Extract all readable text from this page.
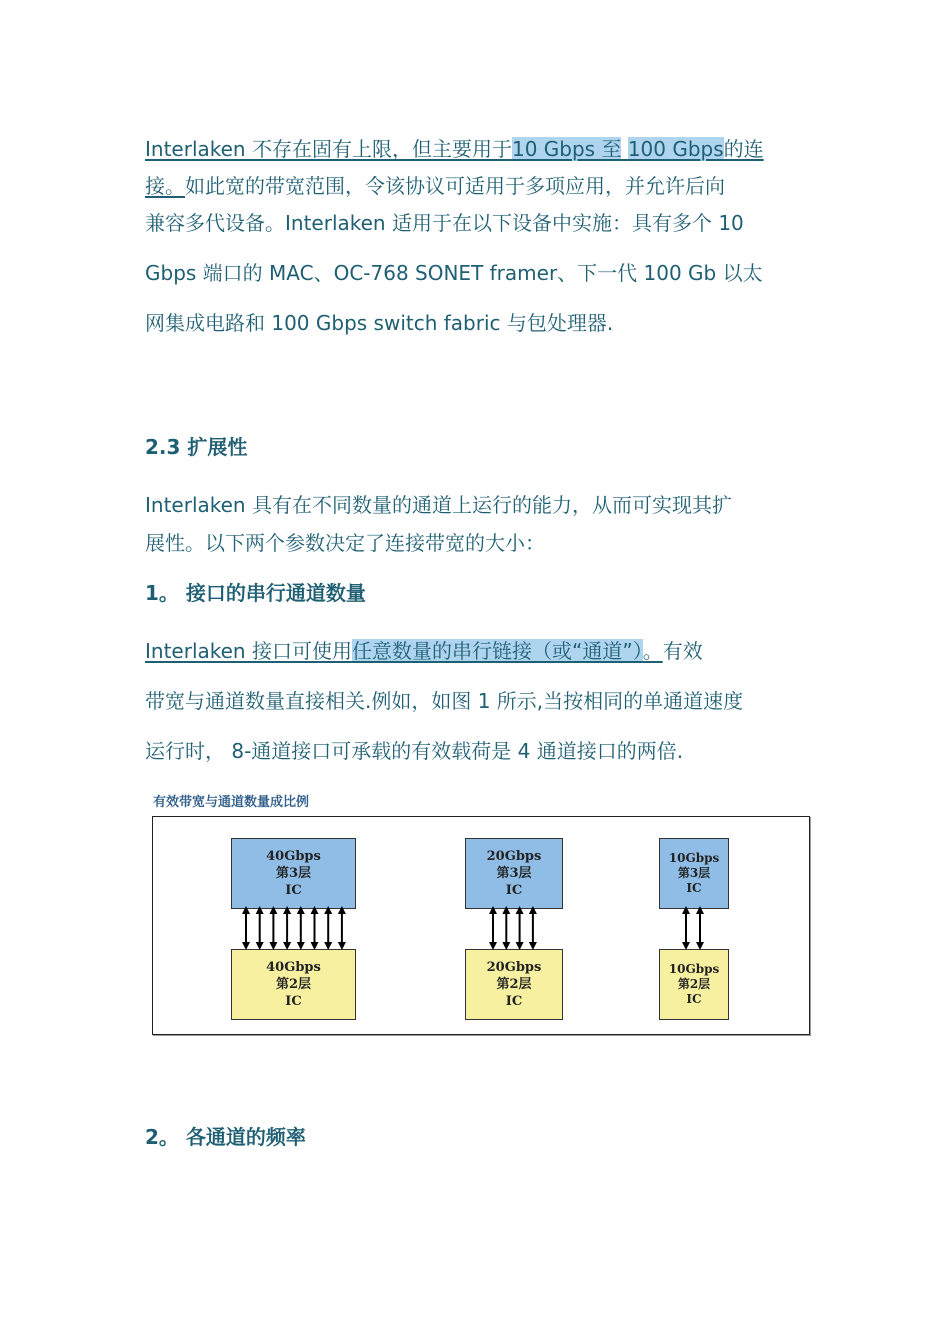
Interlaken 不存在固有上限，但主要用于10 Gbps 至 100 Gbps的连
接。如此宽的带宽范围，令该协议可适用于多项应用，并允许后向
兼容多代设备。Interlaken 适用于在以下设备中实施：具有多个 10
Gbps 端口的 MAC、OC-768 SONET framer、下一代 100 Gb 以太
网集成电路和 100 Gbps switch fabric 与包处理器.
2.3 扩展性
Interlaken 具有在不同数量的通道上运行的能力，从而可实现其扩
展性。以下两个参数决定了连接带宽的大小：
1。 接口的串行通道数量
Interlaken 接口可使用任意数量的串行链接（或“通道”）。有效
带宽与通道数量直接相关.例如，如图 1 所示,当按相同的单通道速度
运行时， 8-通道接口可承载的有效载荷是 4 通道接口的两倍.
有效带宽与通道数量成比例
40Gbps
第3层
IC
40Gbps
第2层
IC
20Gbps
第3层
IC
20Gbps
第2层
IC
10Gbps
第3层
IC
10Gbps
第2层
IC
2。 各通道的频率
